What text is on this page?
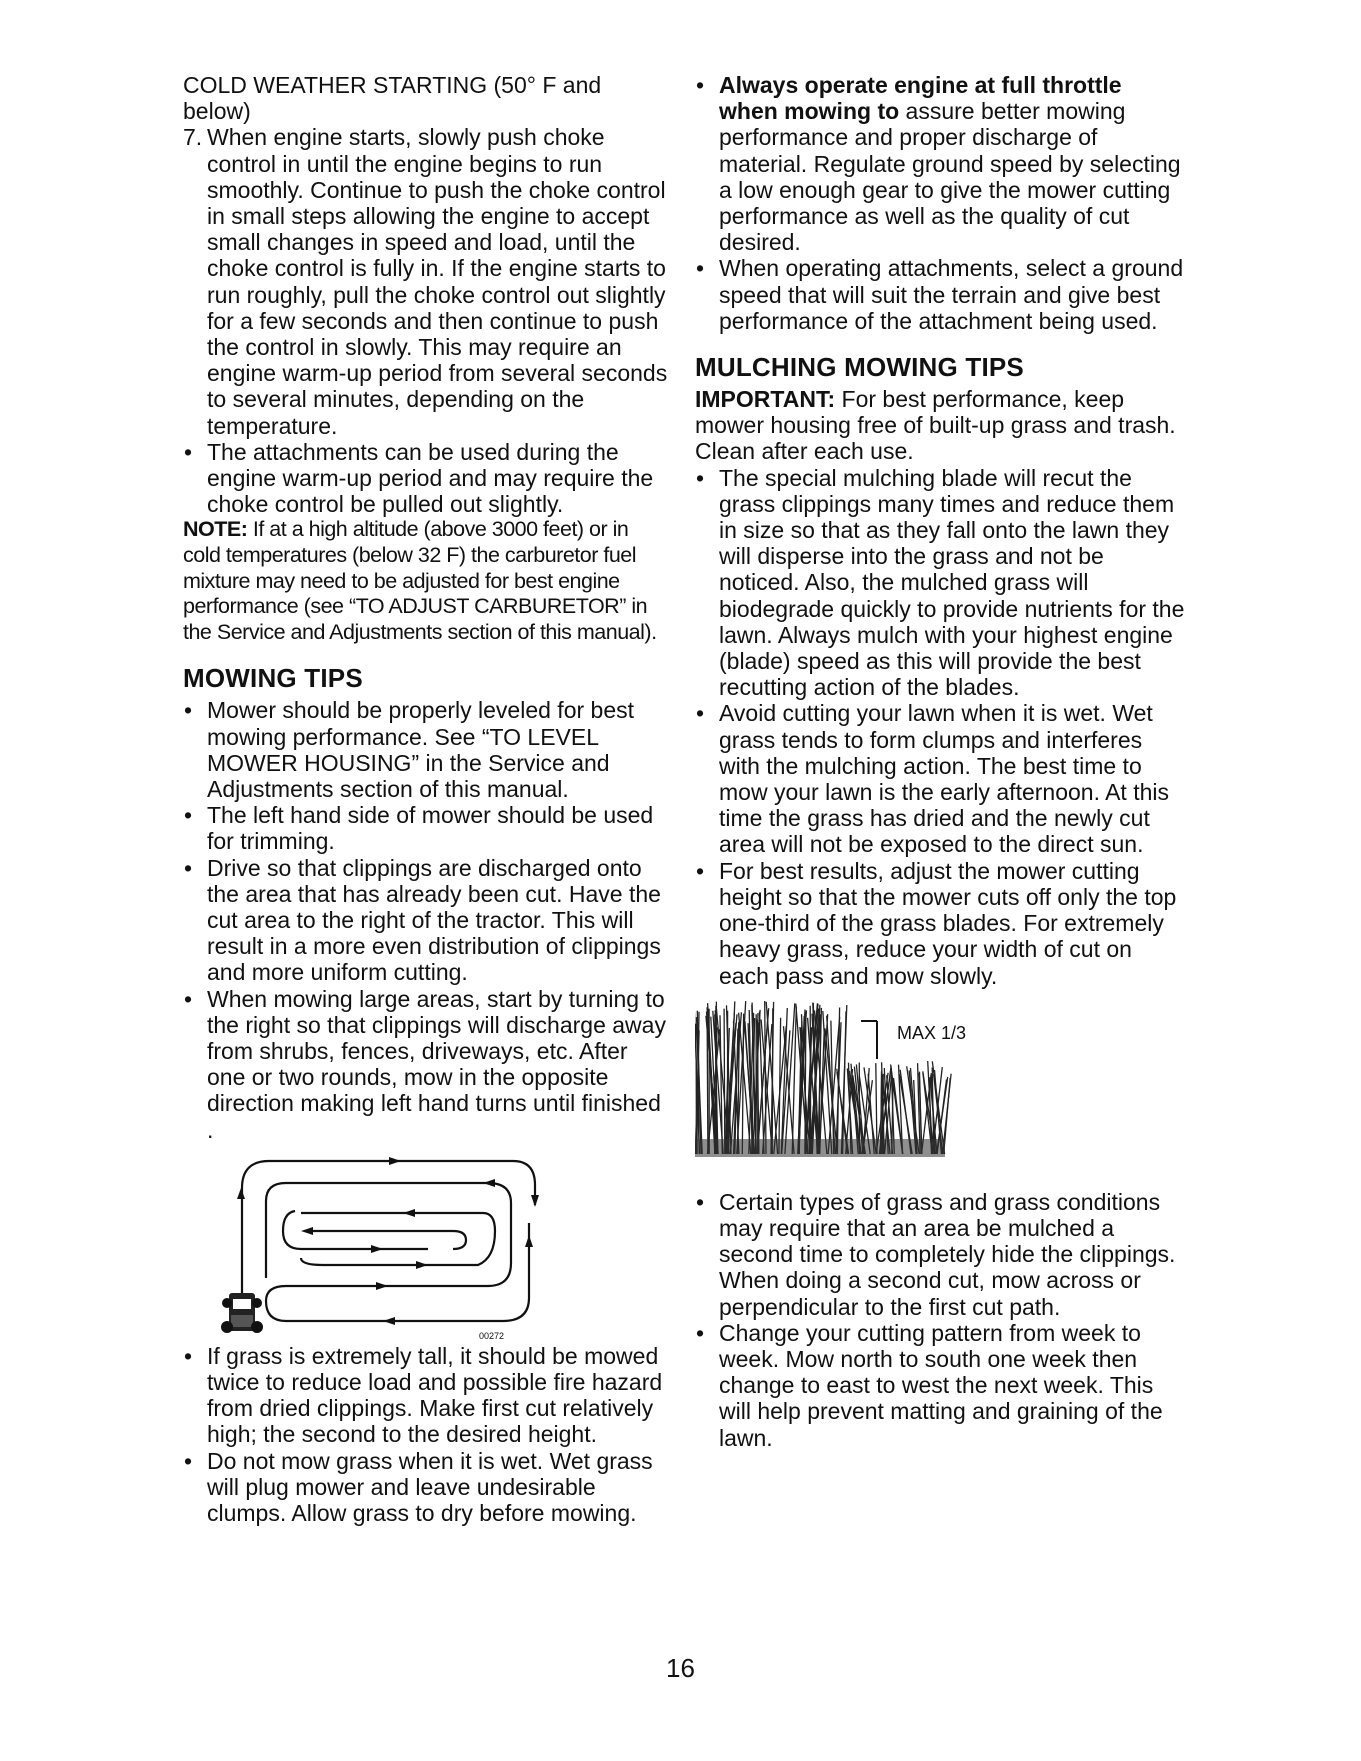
COLD WEATHER STARTING (50° F and below)

7. When engine starts, slowly push choke control in until the engine begins to run smoothly. Continue to push the choke control in small steps allowing the engine to accept small changes in speed and load, until the choke control is fully in. If the engine starts to run roughly, pull the choke control out slightly for a few seconds and then continue to push the control in slowly. This may require an engine warm-up period from several seconds to several minutes, depending on the temperature.
• The attachments can be used during the engine warm-up period and may require the choke control be pulled out slightly.

NOTE: If at a high altitude (above 3000 feet) or in cold temperatures (below 32 F) the carburetor fuel mixture may need to be adjusted for best engine performance (see “TO ADJUST CARBURETOR” in the Service and Adjustments section of this manual).

MOWING TIPS
• Mower should be properly leveled for best mowing performance. See “TO LEVEL MOWER HOUSING” in the Service and Adjustments section of this manual.
• The left hand side of mower should be used for trimming.
• Drive so that clippings are discharged onto the area that has already been cut. Have the cut area to the right of the tractor. This will result in a more even distribution of clippings and more uniform cutting.
• When mowing large areas, start by turning to the right so that clippings will discharge away from shrubs, fences, driveways, etc. After one or two rounds, mow in the opposite direction making left hand turns until finished .
00272
• If grass is extremely tall, it should be mowed twice to reduce load and possible fire hazard from dried clippings. Make first cut relatively high; the second to the desired height.
• Do not mow grass when it is wet. Wet grass will plug mower and leave undesirable clumps. Allow grass to dry before mowing.
• Always operate engine at full throttle when mowing to assure better mowing performance and proper discharge of material. Regulate ground speed by selecting a low enough gear to give the mower cutting performance as well as the quality of cut desired.
• When operating attachments, select a ground speed that will suit the terrain and give best performance of the attachment being used.
MULCHING MOWING TIPS

IMPORTANT: For best performance, keep mower housing free of built-up grass and trash. Clean after each use.

• The special mulching blade will recut the grass clippings many times and reduce them in size so that as they fall onto the lawn they will disperse into the grass and not be noticed. Also, the mulched grass will biodegrade quickly to provide nutrients for the lawn. Always mulch with your highest engine (blade) speed as this will provide the best recutting action of the blades.
• Avoid cutting your lawn when it is wet. Wet grass tends to form clumps and interferes with the mulching action. The best time to mow your lawn is the early afternoon. At this time the grass has dried and the newly cut area will not be exposed to the direct sun.
• For best results, adjust the mower cutting height so that the mower cuts off only the top one-third of the grass blades. For extremely heavy grass, reduce your width of cut on each pass and mow slowly.
MAX 1/3
• Certain types of grass and grass conditions may require that an area be mulched a second time to completely hide the clippings. When doing a second cut, mow across or perpendicular to the first cut path.
• Change your cutting pattern from week to week. Mow north to south one week then change to east to west the next week. This will help prevent matting and graining of the lawn.
16
